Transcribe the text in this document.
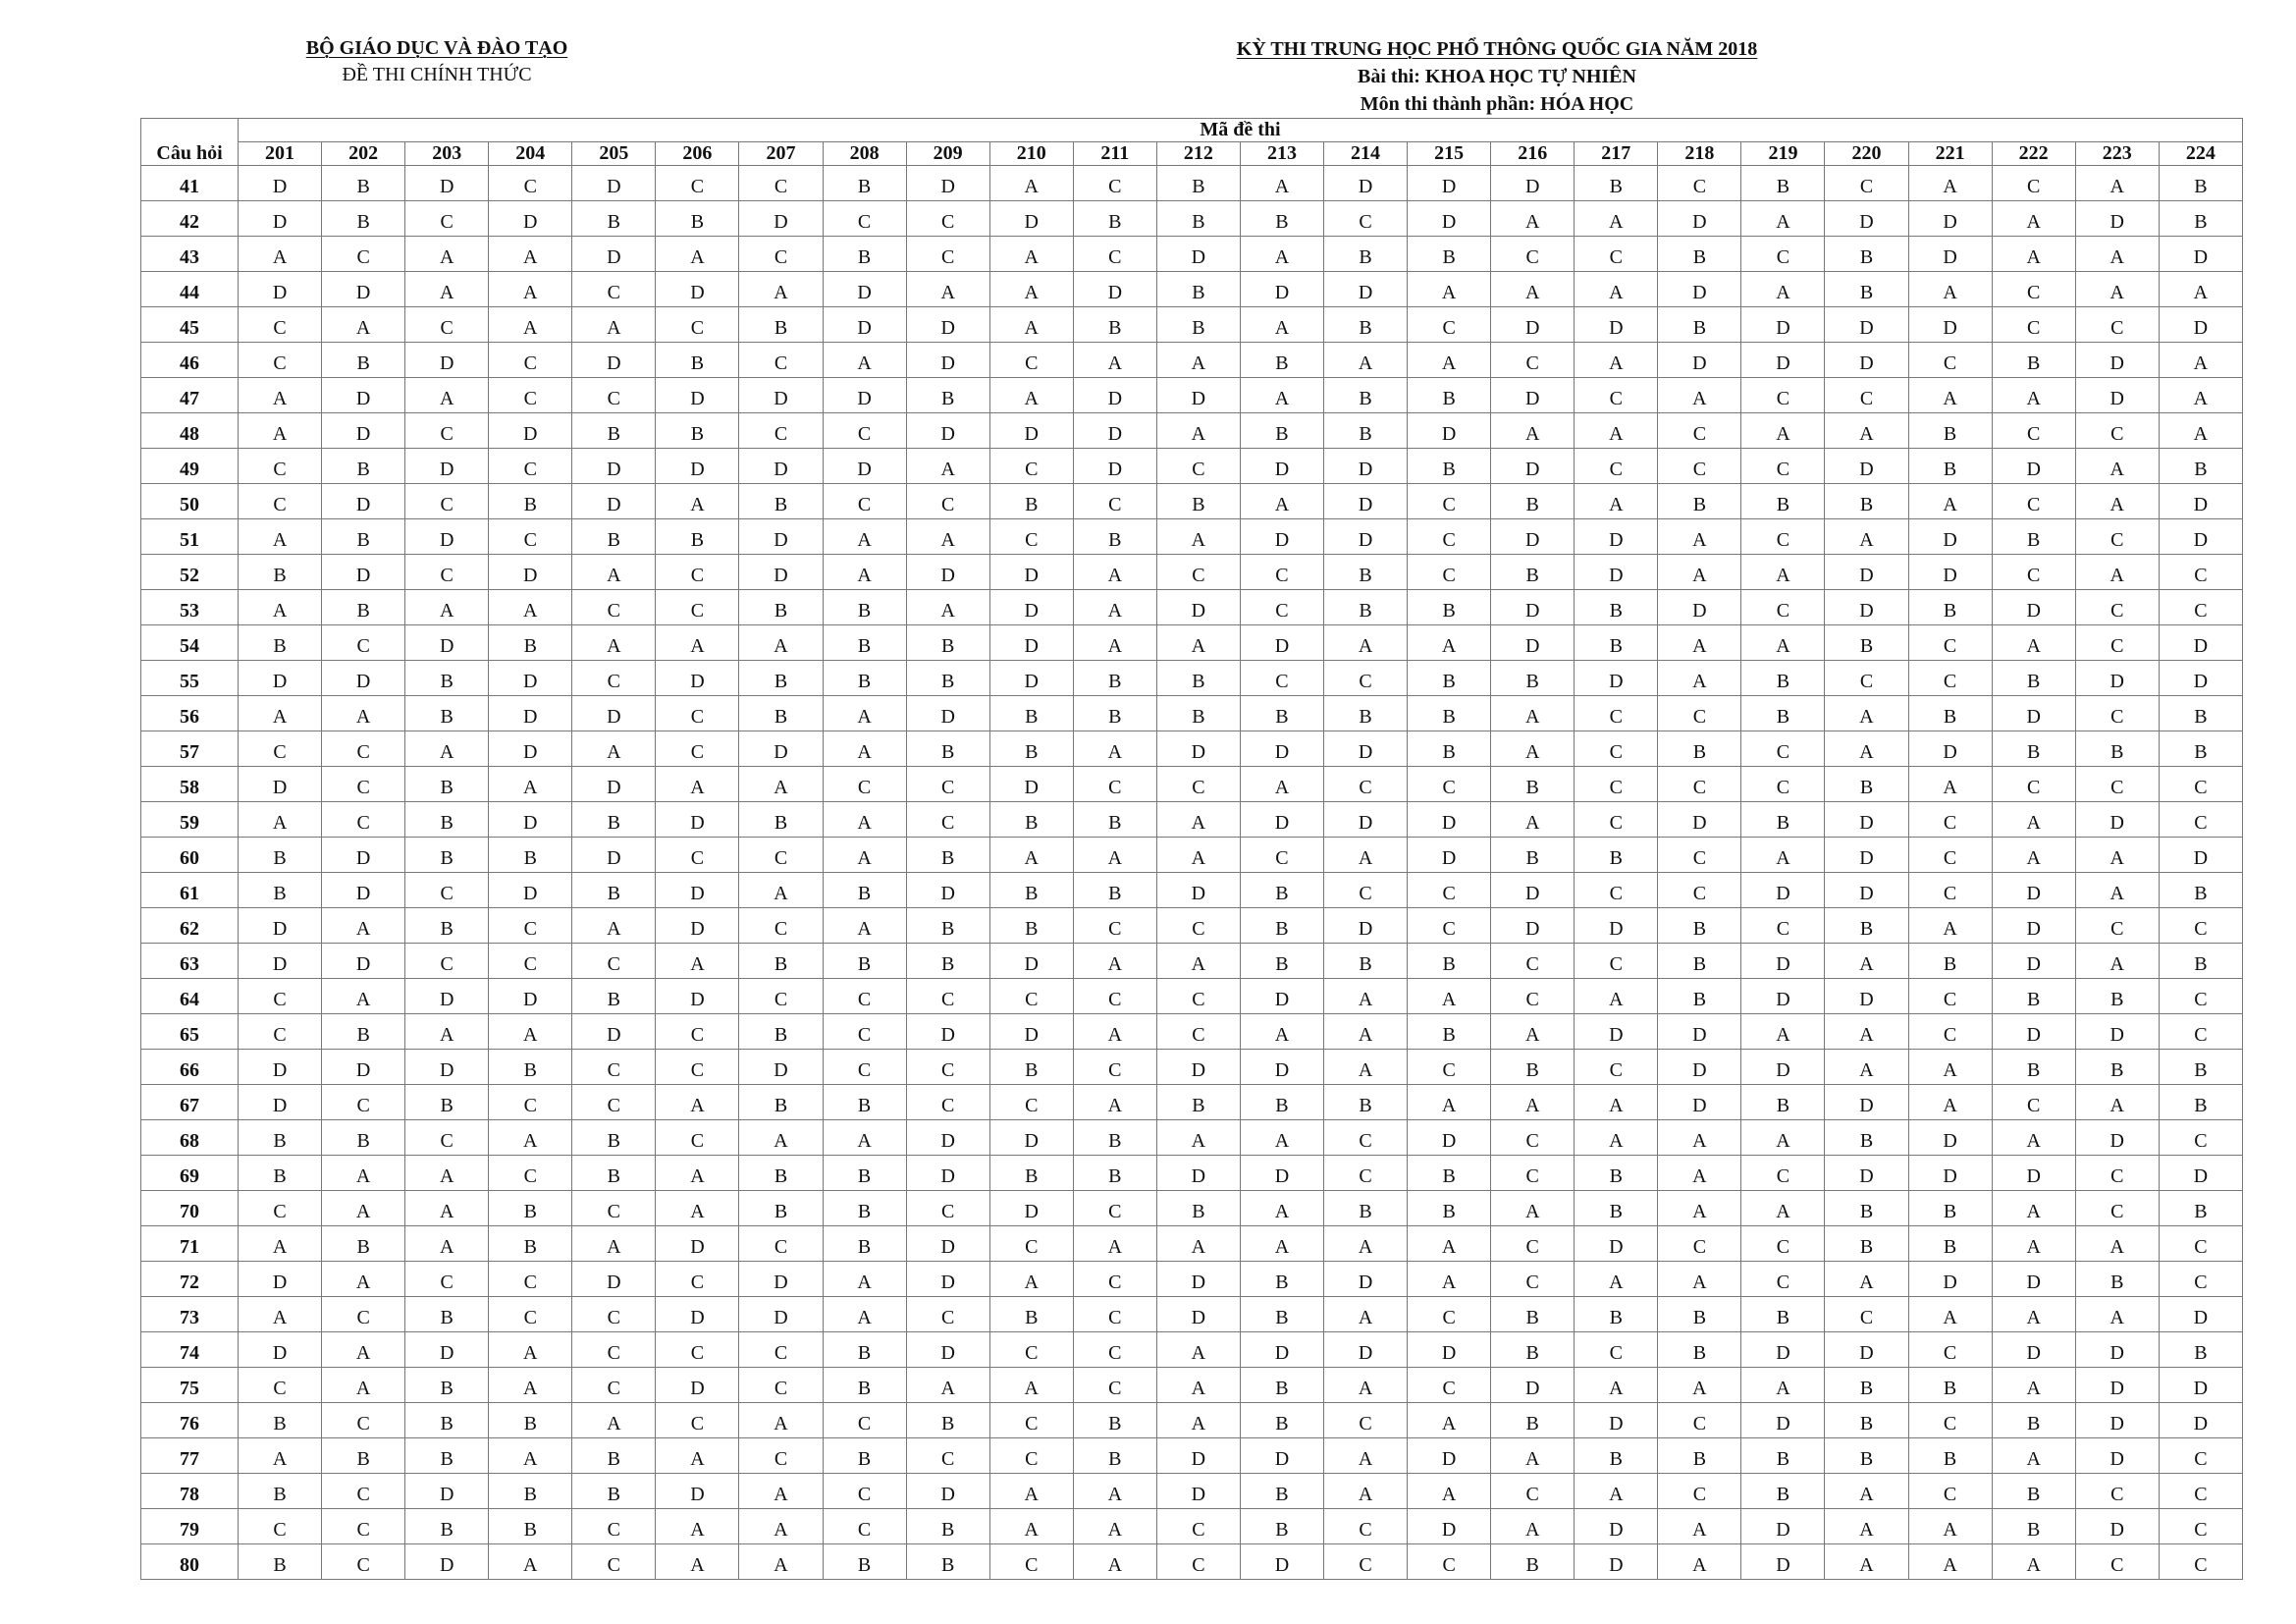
BỘ GIÁO DỤC VÀ ĐÀO TẠO
ĐỀ THI CHÍNH THỨC
KỲ THI TRUNG HỌC PHỔ THÔNG QUỐC GIA NĂM 2018
Bài thi: KHOA HỌC TỰ NHIÊN
Môn thi thành phần: HÓA HỌC
Câu hỏi	Mã đề thi																							
	201	202	203	204	205	206	207	208	209	210	211	212	213	214	215	216	217	218	219	220	221	222	223	224
41	D	B	D	C	D	C	C	B	D	A	C	B	A	D	D	D	B	C	B	C	A	C	A	B
42	D	B	C	D	B	B	D	C	C	D	B	B	B	C	D	A	A	D	A	D	D	A	D	B
43	A	C	A	A	D	A	C	B	C	A	C	D	A	B	B	C	C	B	C	B	D	A	A	D
44	D	D	A	A	C	D	A	D	A	A	D	B	D	D	A	A	A	D	A	B	A	C	A	A
45	C	A	C	A	A	C	B	D	D	A	B	B	A	B	C	D	D	B	D	D	D	C	C	D
46	C	B	D	C	D	B	C	A	D	C	A	A	B	A	A	C	A	D	D	D	C	B	D	A
47	A	D	A	C	C	D	D	D	B	A	D	D	A	B	B	D	C	A	C	C	A	A	D	A
48	A	D	C	D	B	B	C	C	D	D	D	A	B	B	D	A	A	C	A	A	B	C	C	A
49	C	B	D	C	D	D	D	D	A	C	D	C	D	D	B	D	C	C	C	D	B	D	A	B
50	C	D	C	B	D	A	B	C	C	B	C	B	A	D	C	B	A	B	B	B	A	C	A	D
51	A	B	D	C	B	B	D	A	A	C	B	A	D	D	C	D	D	A	C	A	D	B	C	D
52	B	D	C	D	A	C	D	A	D	D	A	C	C	B	C	B	D	A	A	D	D	C	A	C
53	A	B	A	A	C	C	B	B	A	D	A	D	C	B	B	D	B	D	C	D	B	D	C	C
54	B	C	D	B	A	A	A	B	B	D	A	A	D	A	A	D	B	A	A	B	C	A	C	D
55	D	D	B	D	C	D	B	B	B	D	B	B	C	C	B	B	D	A	B	C	C	B	D	D
56	A	A	B	D	D	C	B	A	D	B	B	B	B	B	B	A	C	C	B	A	B	D	C	B
57	C	C	A	D	A	C	D	A	B	B	A	D	D	D	B	A	C	B	C	A	D	B	B	B
58	D	C	B	A	D	A	A	C	C	D	C	C	A	C	C	B	C	C	C	B	A	C	C	C
59	A	C	B	D	B	D	B	A	C	B	B	A	D	D	D	A	C	D	B	D	C	A	D	C
60	B	D	B	B	D	C	C	A	B	A	A	A	C	A	D	B	B	C	A	D	C	A	A	D
61	B	D	C	D	B	D	A	B	D	B	B	D	B	C	C	D	C	C	D	D	C	D	A	B
62	D	A	B	C	A	D	C	A	B	B	C	C	B	D	C	D	D	B	C	B	A	D	C	C
63	D	D	C	C	C	A	B	B	B	D	A	A	B	B	B	C	C	B	D	A	B	D	A	B
64	C	A	D	D	B	D	C	C	C	C	C	C	D	A	A	C	A	B	D	D	C	B	B	C
65	C	B	A	A	D	C	B	C	D	D	A	C	A	A	B	A	D	D	A	A	C	D	D	C
66	D	D	D	B	C	C	D	C	C	B	C	D	D	A	C	B	C	D	D	A	A	B	B	B
67	D	C	B	C	C	A	B	B	C	C	A	B	B	B	A	A	A	D	B	D	A	C	A	B
68	B	B	C	A	B	C	A	A	D	D	B	A	A	C	D	C	A	A	A	B	D	A	D	C
69	B	A	A	C	B	A	B	B	D	B	B	D	D	C	B	C	B	A	C	D	D	D	C	D
70	C	A	A	B	C	A	B	B	C	D	C	B	A	B	B	A	B	A	A	B	B	A	C	B
71	A	B	A	B	A	D	C	B	D	C	A	A	A	A	A	C	D	C	C	B	B	A	A	C
72	D	A	C	C	D	C	D	A	D	A	C	D	B	D	A	C	A	A	C	A	D	D	B	C
73	A	C	B	C	C	D	D	A	C	B	C	D	B	A	C	B	B	B	B	C	A	A	A	D
74	D	A	D	A	C	C	C	B	D	C	C	A	D	D	D	B	C	B	D	D	C	D	D	B
75	C	A	B	A	C	D	C	B	A	A	C	A	B	A	C	D	A	A	A	B	B	A	D	D
76	B	C	B	B	A	C	A	C	B	C	B	A	B	C	A	B	D	C	D	B	C	B	D	D
77	A	B	B	A	B	A	C	B	C	C	B	D	D	A	D	A	B	B	B	B	B	A	D	C
78	B	C	D	B	B	D	A	C	D	A	A	D	B	A	A	C	A	C	B	A	C	B	C	C
79	C	C	B	B	C	A	A	C	B	A	A	C	B	C	D	A	D	A	D	A	A	B	D	C
80	B	C	D	A	C	A	A	B	B	C	A	C	D	C	C	B	D	A	D	A	A	A	C	C
